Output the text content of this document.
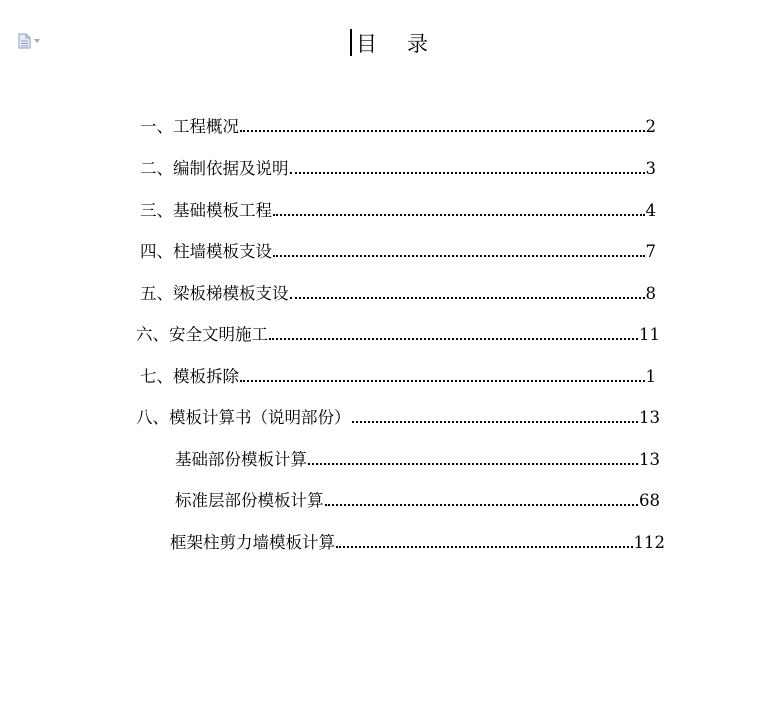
目 录
一、工程概况	2
二、编制依据及说明	3
三、基础模板工程	4
四、柱墙模板支设	7
五、梁板梯模板支设	8
六、安全文明施工	11
七、模板拆除	1
八、模板计算书（说明部份）	13
基础部份模板计算	13
标准层部份模板计算	68
框架柱剪力墙模板计算	112
